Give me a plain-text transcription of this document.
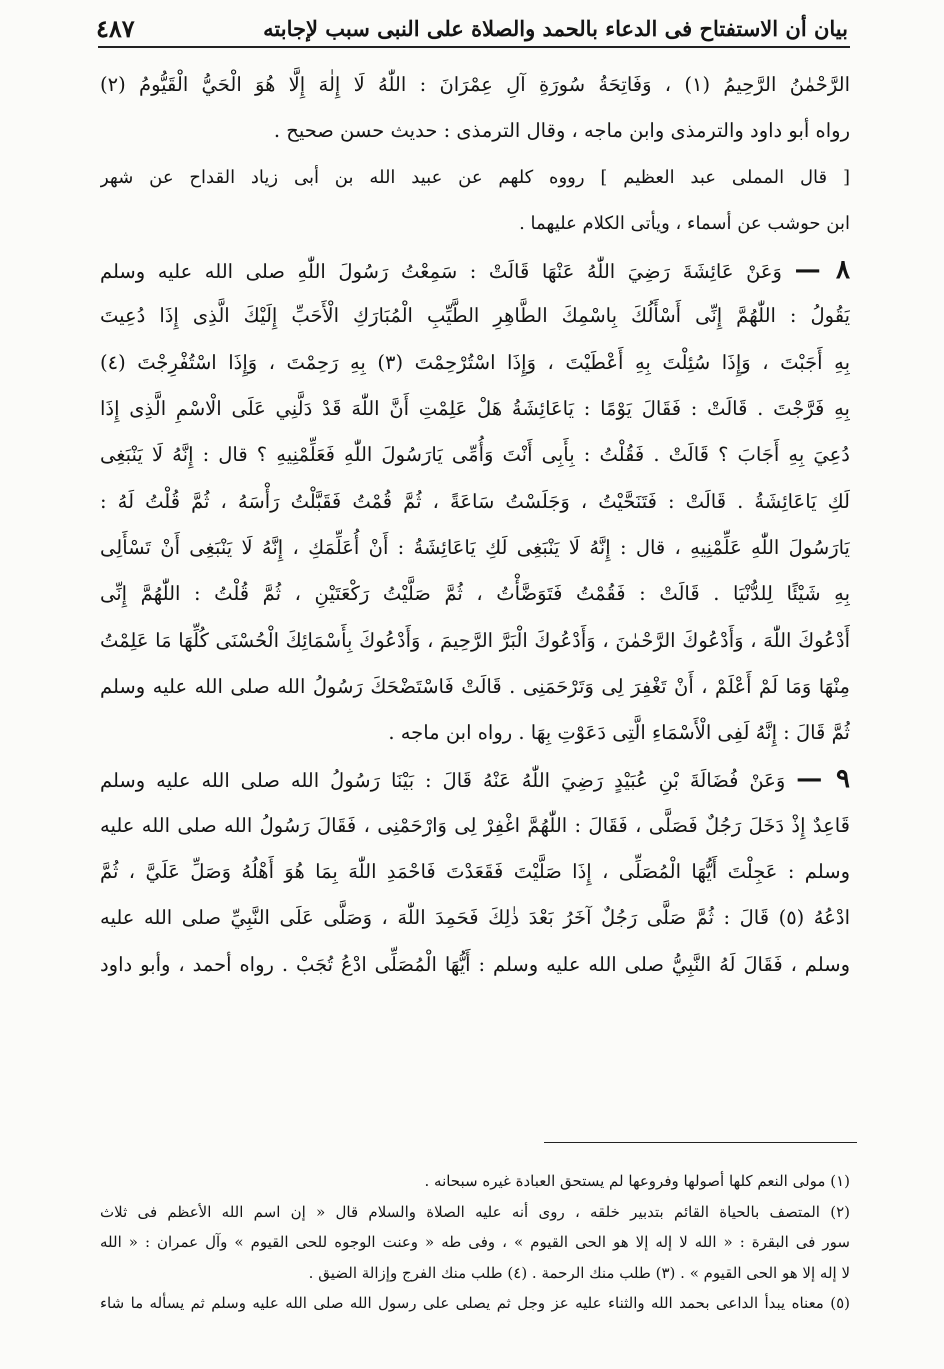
بيان أن الاستفتاح فى الدعاء بالحمد والصلاة على النبى سبب لإجابته
٤٨٧
الرَّحْمٰنُ الرَّحِيمُ (١) ، وَفَاتِحَةُ سُورَةِ آلِ عِمْرَانَ : اللّٰهُ لَا إِلٰهَ إِلَّا هُوَ الْحَيُّ الْقَيُّومُ (٢)
رواه أبو داود والترمذى وابن ماجه ، وقال الترمذى : حديث حسن صحيح .
[ قال المملى عبد العظيم ] رووه كلهم عن عبيد الله بن أبى زياد القداح عن شهر
ابن حوشب عن أسماء ، ويأتى الكلام عليهما .
٨ — وَعَنْ عَائِشَةَ رَضِيَ اللّٰهُ عَنْهَا قَالَتْ : سَمِعْتُ رَسُولَ اللّٰهِ صلى الله عليه وسلم
يَقُولُ : اللّٰهُمَّ إِنِّى أَسْأَلُكَ بِاسْمِكَ الطَّاهِرِ الطَّيِّبِ الْمُبَارَكِ الْأَحَبِّ إِلَيْكَ الَّذِى إِذَا دُعِيتَ
بِهِ أَجَبْتَ ، وَإِذَا سُئِلْتَ بِهِ أَعْطَيْتَ ، وَإِذَا اسْتُرْحِمْتَ (٣) بِهِ رَحِمْتَ ، وَإِذَا اسْتُفْرِجْتَ (٤)
بِهِ فَرَّجْتَ . قَالَتْ : فَقَالَ يَوْمًا : يَاعَائِشَةُ هَلْ عَلِمْتِ أَنَّ اللّٰهَ قَدْ دَلَّنِي عَلَى الْاسْمِ الَّذِى إِذَا
دُعِيَ بِهِ أَجَابَ ؟ قَالَتْ . فَقُلْتُ : بِأَبِى أَنْتَ وَأُمِّى يَارَسُولَ اللّٰهِ فَعَلِّمْنِيهِ ؟ قال : إِنَّهُ لَا يَنْبَغِى
لَكِ يَاعَائِشَةُ . قَالَتْ : فَتَنَحَّيْتُ ، وَجَلَسْتُ سَاعَةً ، ثُمَّ قُمْتُ فَقَبَّلْتُ رَأْسَهُ ، ثُمَّ قُلْتُ لَهُ :
يَارَسُولَ اللّٰهِ عَلِّمْنِيهِ ، قال : إِنَّهُ لَا يَنْبَغِى لَكِ يَاعَائِشَةُ : أَنْ أُعَلِّمَكِ ، إِنَّهُ لَا يَنْبَغِى أَنْ تَسْأَلِى
بِهِ شَيْئًا لِلدُّنْيَا . قَالَتْ : فَقُمْتُ فَتَوَضَّأْتُ ، ثُمَّ صَلَّيْتُ رَكْعَتَيْنِ ، ثُمَّ قُلْتُ : اللّٰهُمَّ إِنِّى
أَدْعُوكَ اللّٰهَ ، وَأَدْعُوكَ الرَّحْمٰنَ ، وَأَدْعُوكَ الْبَرَّ الرَّحِيمَ ، وَأَدْعُوكَ بِأَسْمَائِكَ الْحُسْنَى كُلِّهَا مَا عَلِمْتُ
مِنْهَا وَمَا لَمْ أَعْلَمْ ، أَنْ تَغْفِرَ لِى وَتَرْحَمَنِى . قَالَتْ فَاسْتَضْحَكَ رَسُولُ الله صلى الله عليه وسلم
ثُمَّ قَالَ : إِنَّهُ لَفِى الْأَسْمَاءِ الَّتِى دَعَوْتِ بِهَا . رواه ابن ماجه .
٩ — وَعَنْ فُضَالَةَ بْنِ عُبَيْدٍ رَضِيَ اللّٰهُ عَنْهُ قَالَ : بَيْنَا رَسُولُ الله صلى الله عليه وسلم
قَاعِدٌ إِذْ دَخَلَ رَجُلٌ فَصَلَّى ، فَقَالَ : اللّٰهُمَّ اغْفِرْ لِى وَارْحَمْنِى ، فَقَالَ رَسُولُ الله صلى الله عليه
وسلم : عَجِلْتَ أَيُّهَا الْمُصَلِّى ، إِذَا صَلَّيْتَ فَقَعَدْتَ فَاحْمَدِ اللّٰهَ بِمَا هُوَ أَهْلُهُ وَصَلِّ عَلَيَّ ، ثُمَّ
ادْعُهُ (٥) قَالَ : ثُمَّ صَلَّى رَجُلٌ آخَرُ بَعْدَ ذٰلِكَ فَحَمِدَ اللّٰهَ ، وَصَلَّى عَلَى النَّبِيِّ صلى الله عليه
وسلم ، فَقَالَ لَهُ النَّبِيُّ صلى الله عليه وسلم : أَيُّهَا الْمُصَلِّى ادْعُ تُجَبْ . رواه أحمد ، وأبو داود
(١) مولى النعم كلها أصولها وفروعها لم يستحق العبادة غيره سبحانه .
(٢) المتصف بالحياة القائم بتدبير خلقه ، روى أنه عليه الصلاة والسلام قال « إن اسم الله الأعظم فى ثلاث
سور فى البقرة : « الله لا إله إلا هو الحى القيوم » ، وفى طه « وعنت الوجوه للحى القيوم » وآل عمران : « الله
لا إله إلا هو الحى القيوم » . (٣) طلب منك الرحمة . (٤) طلب منك الفرج وإزالة الضيق .
(٥) معناه يبدأ الداعى بحمد الله والثناء عليه عز وجل ثم يصلى على رسول الله صلى الله عليه وسلم ثم يسأله ما شاء
